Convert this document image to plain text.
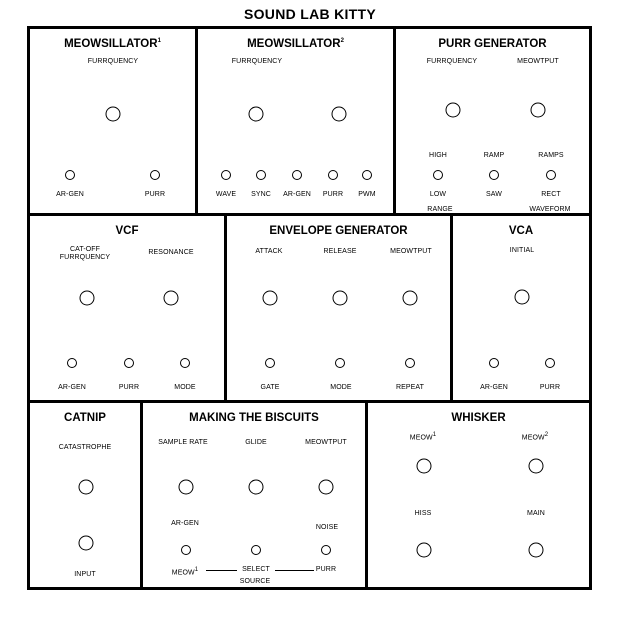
SOUND LAB KITTY
MEOWSILLATOR$^1$
FURRQUENCY
AR-GEN	PURR
MEOWSILLATOR$^2$
FURRQUENCY
WAVE SYNC AR-GEN PURR PWM
PURR GENERATOR
FURRQUENCY	MEOWTPUT
HIGH	RAMP	RAMPS
LOW	SAW	RECT
RANGE	WAVEFORM
VCF
CAT-OFF
FURRQUENCY
RESONANCE
AR-GEN	PURR	MODE
ENVELOPE GENERATOR
ATTACK	RELEASE	MEOWTPUT
GATE	MODE	REPEAT
VCA
INITIAL
AR-GEN	PURR
CATNIP
CATASTROPHE
INPUT
MAKING THE BISCUITS
SAMPLE RATE	GLIDE	MEOWTPUT
AR-GEN
NOISE
MEOW$^1$	SELECT	PURR
SOURCE
WHISKER
MEOW$^1$	MEOW$^2$
HISS	MAIN
